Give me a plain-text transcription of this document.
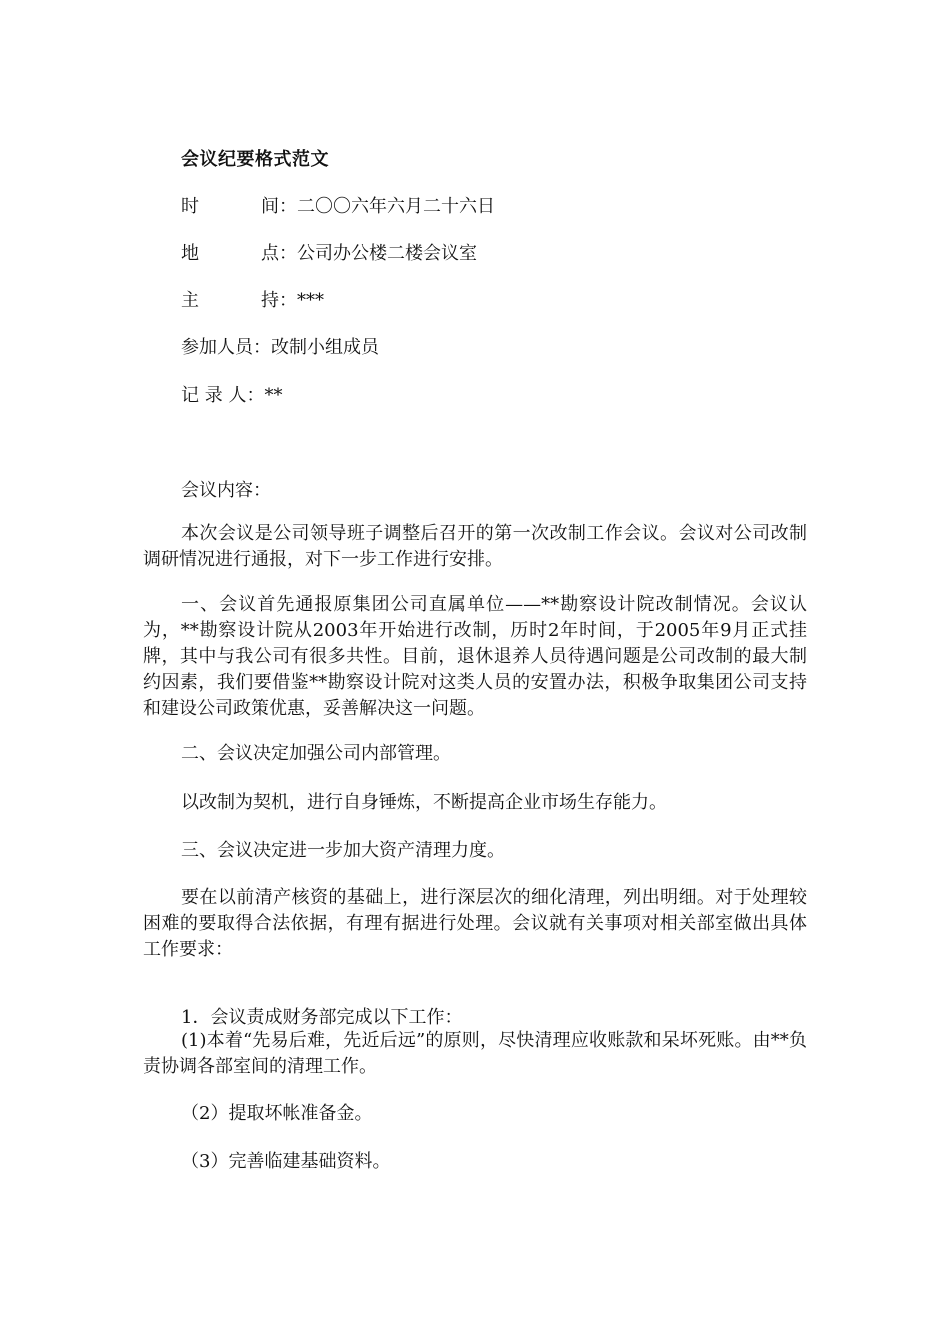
会议纪要格式范文
时	间：二〇〇六年六月二十六日
地	点：公司办公楼二楼会议室
主	持：***
参加人员：改制小组成员
记 录 人：**
会议内容：
本次会议是公司领导班子调整后召开的第一次改制工作会议。会议对公司改制调研情况进行通报，对下一步工作进行安排。
一、会议首先通报原集团公司直属单位——**勘察设计院改制情况。会议认为，**勘察设计院从2003年开始进行改制，历时2年时间，于2005年9月正式挂牌，其中与我公司有很多共性。目前，退休退养人员待遇问题是公司改制的最大制约因素，我们要借鉴**勘察设计院对这类人员的安置办法，积极争取集团公司支持和建设公司政策优惠，妥善解决这一问题。
二、会议决定加强公司内部管理。
以改制为契机，进行自身锤炼，不断提高企业市场生存能力。
三、会议决定进一步加大资产清理力度。
要在以前清产核资的基础上，进行深层次的细化清理，列出明细。对于处理较困难的要取得合法依据，有理有据进行处理。会议就有关事项对相关部室做出具体工作要求：
1．会议责成财务部完成以下工作：
(1)本着“先易后难，先近后远”的原则，尽快清理应收账款和呆坏死账。由**负责协调各部室间的清理工作。
（2）提取坏帐准备金。
（3）完善临建基础资料。
